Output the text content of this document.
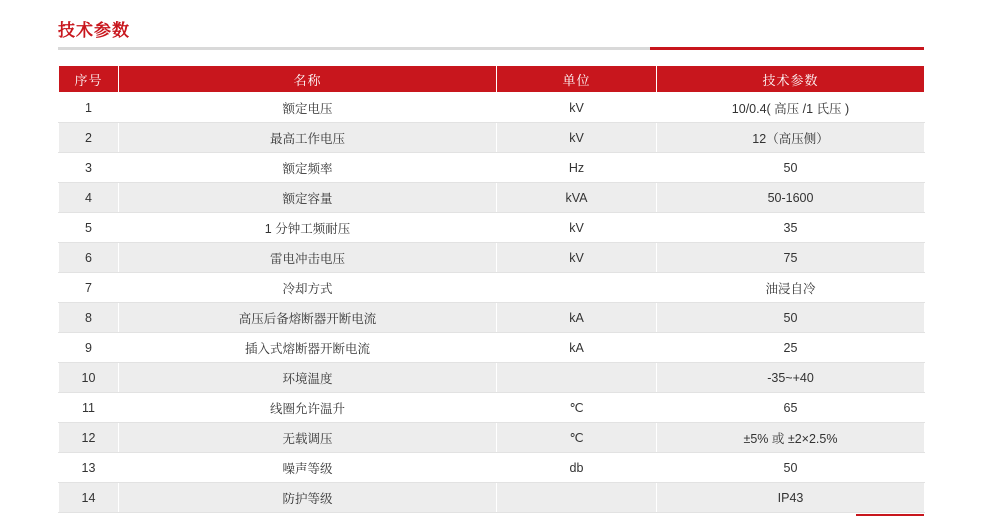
技术参数
序号	名称	单位	技术参数
1	额定电压	kV	10/0.4( 高压 /1 氏压 )
2	最高工作电压	kV	12（高压侧）
3	额定频率	Hz	50
4	额定容量	kVA	50-1600
5	1 分钟工频耐压	kV	35
6	雷电冲击电压	kV	75
7	冷却方式		油浸自冷
8	高压后备熔断器开断电流	kA	50
9	插入式熔断器开断电流	kA	25
10	环境温度		-35~+40
11	线圈允许温升	℃	65
12	无载调压	℃	±5% 或 ±2×2.5%
13	噪声等级	db	50
14	防护等级		IP43
